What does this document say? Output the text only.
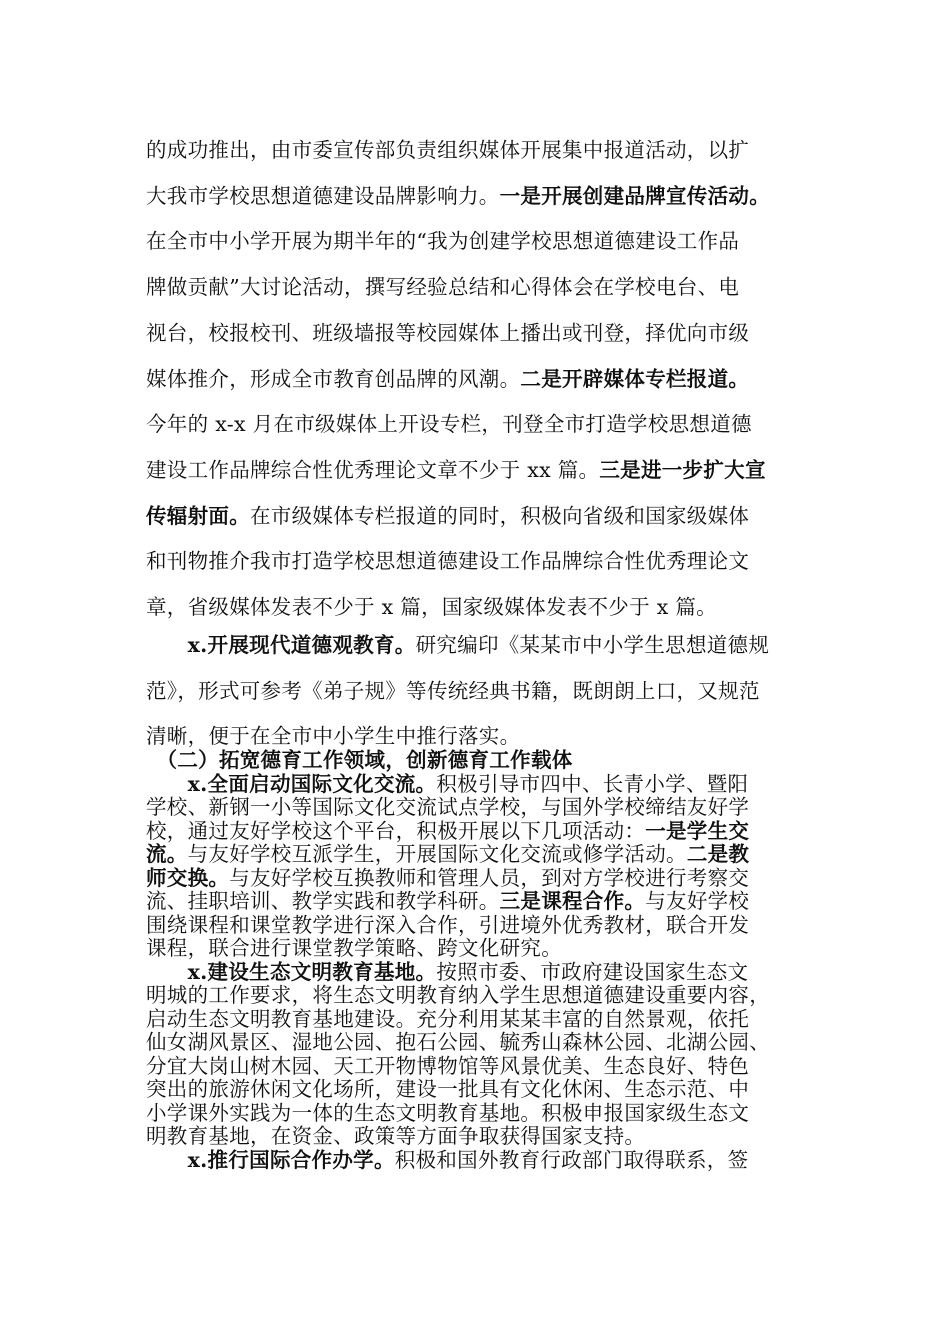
的成功推出，由市委宣传部负责组织媒体开展集中报道活动，以扩
大我市学校思想道德建设品牌影响力。一是开展创建品牌宣传活动。
在全市中小学开展为期半年的“我为创建学校思想道德建设工作品
牌做贡献”大讨论活动，撰写经验总结和心得体会在学校电台、电
视台，校报校刊、班级墙报等校园媒体上播出或刊登，择优向市级
媒体推介，形成全市教育创品牌的风潮。二是开辟媒体专栏报道。
今年的 x-x 月在市级媒体上开设专栏，刊登全市打造学校思想道德
建设工作品牌综合性优秀理论文章不少于 xx 篇。三是进一步扩大宣
传辐射面。在市级媒体专栏报道的同时，积极向省级和国家级媒体
和刊物推介我市打造学校思想道德建设工作品牌综合性优秀理论文
章，省级媒体发表不少于 x 篇，国家级媒体发表不少于 x 篇。
　　x.开展现代道德观教育。研究编印《某某市中小学生思想道德规
范》，形式可参考《弟子规》等传统经典书籍，既朗朗上口，又规范
清晰，便于在全市中小学生中推行落实。
　（二）拓宽德育工作领域，创新德育工作载体
　　x.全面启动国际文化交流。积极引导市四中、长青小学、暨阳
学校、新钢一小等国际文化交流试点学校，与国外学校缔结友好学
校，通过友好学校这个平台，积极开展以下几项活动：一是学生交
流。与友好学校互派学生，开展国际文化交流或修学活动。二是教
师交换。与友好学校互换教师和管理人员，到对方学校进行考察交
流、挂职培训、教学实践和教学科研。三是课程合作。与友好学校
围绕课程和课堂教学进行深入合作，引进境外优秀教材，联合开发
课程，联合进行课堂教学策略、跨文化研究。
　　x.建设生态文明教育基地。按照市委、市政府建设国家生态文
明城的工作要求，将生态文明教育纳入学生思想道德建设重要内容，
启动生态文明教育基地建设。充分利用某某丰富的自然景观，依托
仙女湖风景区、湿地公园、抱石公园、毓秀山森林公园、北湖公园、
分宜大岗山树木园、天工开物博物馆等风景优美、生态良好、特色
突出的旅游休闲文化场所，建设一批具有文化休闲、生态示范、中
小学课外实践为一体的生态文明教育基地。积极申报国家级生态文
明教育基地，在资金、政策等方面争取获得国家支持。
　　x.推行国际合作办学。积极和国外教育行政部门取得联系，签
